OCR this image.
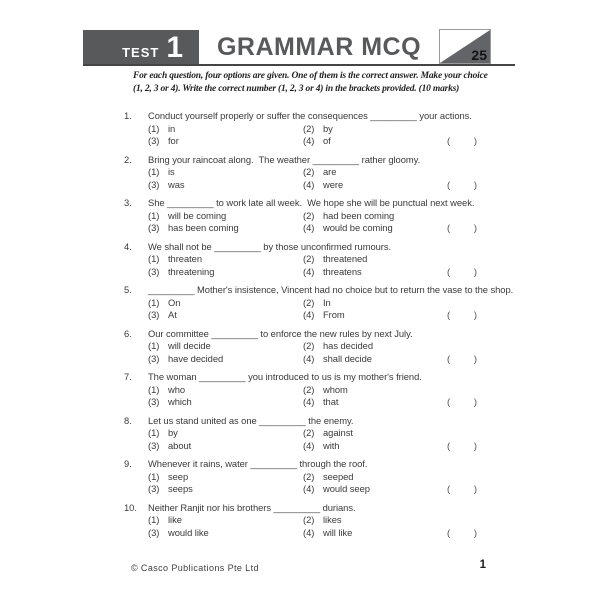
TEST 1	GRAMMAR MCQ	25
For each question, four options are given. One of them is the correct answer. Make your choice
(1, 2, 3 or 4). Write the correct number (1, 2, 3 or 4) in the brackets provided. (10 marks)
1.	Conduct yourself properly or suffer the consequences _________ your actions.
(1) in	(2) by
(3) for	(4) of	(	)
2.	Bring your raincoat along.  The weather _________ rather gloomy.
(1) is	(2) are
(3) was	(4) were	(	)
3.	She _________ to work late all week.  We hope she will be punctual next week.
(1) will be coming	(2) had been coming
(3) has been coming	(4) would be coming	(	)
4.	We shall not be _________ by those unconfirmed rumours.
(1) threaten	(2) threatened
(3) threatening	(4) threatens	(	)
5.	_________ Mother's insistence, Vincent had no choice but to return the vase to the shop.
(1) On	(2) In
(3) At	(4) From	(	)
6.	Our committee _________ to enforce the new rules by next July.
(1) will decide	(2) has decided
(3) have decided	(4) shall decide	(	)
7.	The woman _________ you introduced to us is my mother's friend.
(1) who	(2) whom
(3) which	(4) that	(	)
8.	Let us stand united as one _________ the enemy.
(1) by	(2) against
(3) about	(4) with	(	)
9.	Whenever it rains, water _________ through the roof.
(1) seep	(2) seeped
(3) seeps	(4) would seep	(	)
10.	Neither Ranjit nor his brothers _________ durians.
(1) like	(2) likes
(3) would like	(4) will like	(	)
© Casco Publications Pte Ltd	1
